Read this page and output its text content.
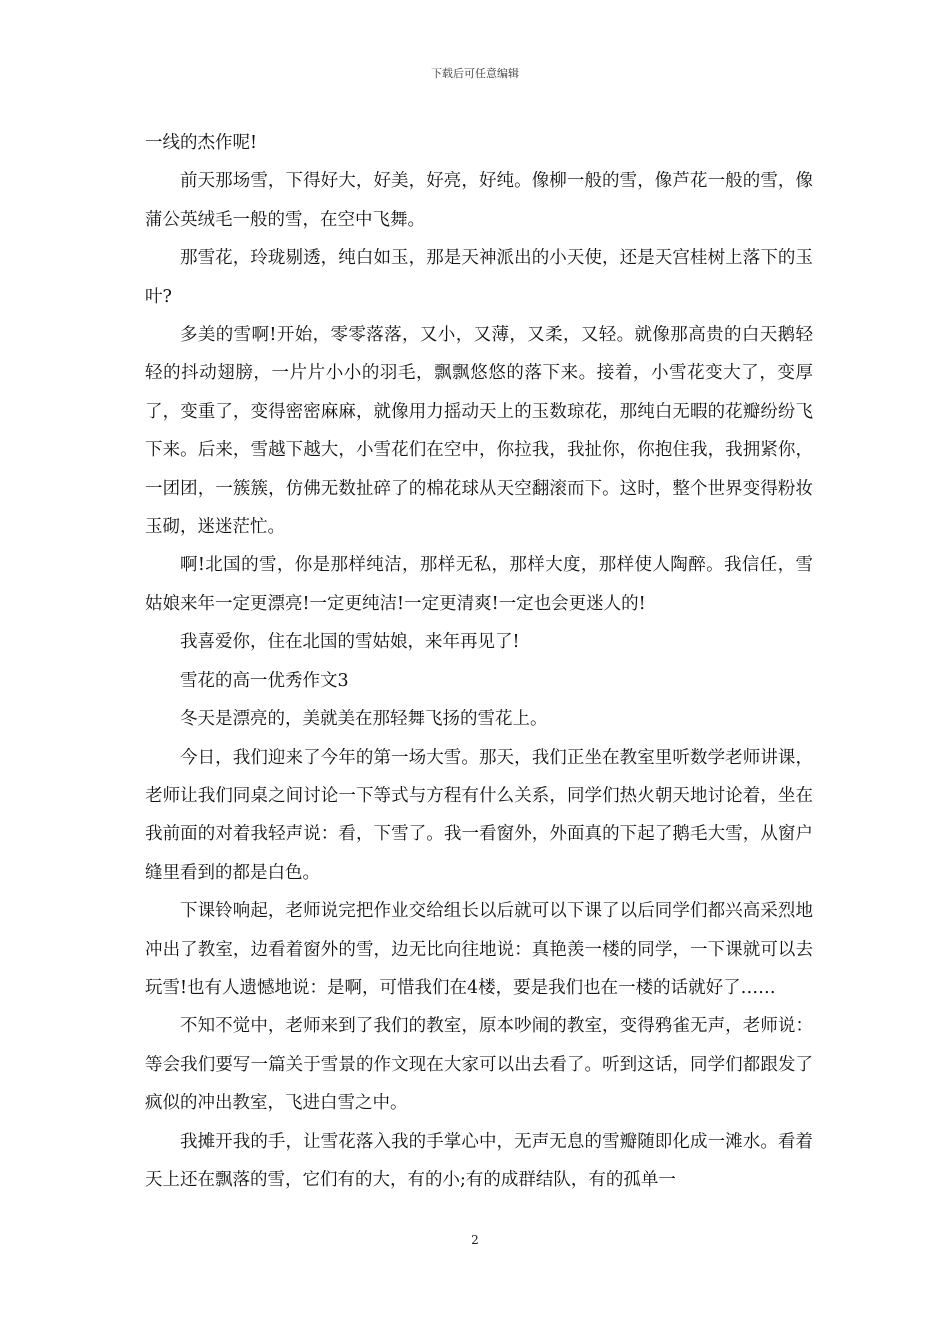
下载后可任意编辑

一线的杰作呢!

前天那场雪，下得好大，好美，好亮，好纯。像柳一般的雪，像芦花一般的雪，像蒲公英绒毛一般的雪，在空中飞舞。

那雪花，玲珑剔透，纯白如玉，那是天神派出的小天使，还是天宫桂树上落下的玉叶?

多美的雪啊!开始，零零落落，又小，又薄，又柔，又轻。就像那高贵的白天鹅轻轻的抖动翅膀，一片片小小的羽毛，飘飘悠悠的落下来。接着，小雪花变大了，变厚了，变重了，变得密密麻麻，就像用力摇动天上的玉数琼花，那纯白无暇的花瓣纷纷飞下来。后来，雪越下越大，小雪花们在空中，你拉我，我扯你，你抱住我，我拥紧你，一团团，一簇簇，仿佛无数扯碎了的棉花球从天空翻滚而下。这时，整个世界变得粉妆玉砌，迷迷茫忙。

啊!北国的雪，你是那样纯洁，那样无私，那样大度，那样使人陶醉。我信任，雪姑娘来年一定更漂亮!一定更纯洁!一定更清爽!一定也会更迷人的!

我喜爱你，住在北国的雪姑娘，来年再见了!

雪花的高一优秀作文3

冬天是漂亮的，美就美在那轻舞飞扬的雪花上。

今日，我们迎来了今年的第一场大雪。那天，我们正坐在教室里听数学老师讲课，老师让我们同桌之间讨论一下等式与方程有什么关系，同学们热火朝天地讨论着，坐在我前面的对着我轻声说：看，下雪了。我一看窗外，外面真的下起了鹅毛大雪，从窗户缝里看到的都是白色。

下课铃响起，老师说完把作业交给组长以后就可以下课了以后同学们都兴高采烈地冲出了教室，边看着窗外的雪，边无比向往地说：真艳羡一楼的同学，一下课就可以去玩雪!也有人遗憾地说：是啊，可惜我们在4楼，要是我们也在一楼的话就好了……

不知不觉中，老师来到了我们的教室，原本吵闹的教室，变得鸦雀无声，老师说：等会我们要写一篇关于雪景的作文现在大家可以出去看了。听到这话，同学们都跟发了疯似的冲出教室，飞进白雪之中。

我摊开我的手，让雪花落入我的手掌心中，无声无息的雪瓣随即化成一滩水。看着天上还在飘落的雪，它们有的大，有的小;有的成群结队，有的孤单一

2
